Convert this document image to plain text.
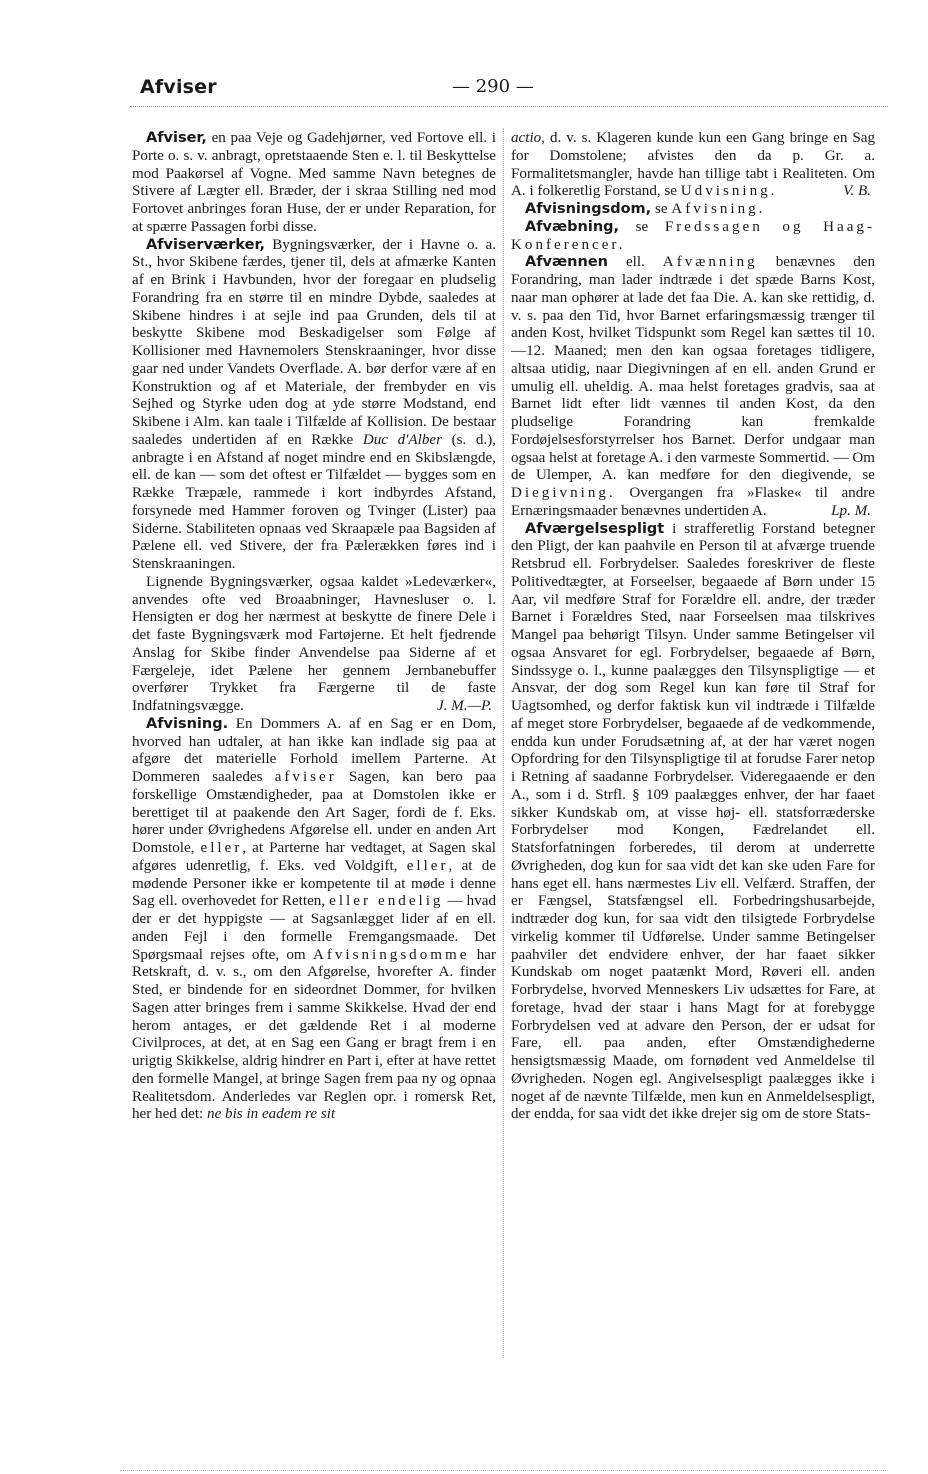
Afviser	— 290 —

Afviser, en paa Veje og Gadehjørner, ved Fortove ell. i Porte o. s. v. anbragt, opretstaaende Sten e. l. til Beskyttelse mod Paakørsel af Vogne. Med samme Navn betegnes de Stivere af Lægter ell. Bræder, der i skraa Stilling ned mod Fortovet anbringes foran Huse, der er under Reparation, for at spærre Passagen forbi disse.

Afviserværker, Bygningsværker, der i Havne o. a. St., hvor Skibene færdes, tjener til, dels at afmærke Kanten af en Brink i Havbunden, hvor der foregaar en pludselig Forandring fra en større til en mindre Dybde, saaledes at Skibene hindres i at sejle ind paa Grunden, dels til at beskytte Skibene mod Beskadigelser som Følge af Kollisioner med Havnemolers Stenskraaninger, hvor disse gaar ned under Vandets Overflade. A. bør derfor være af en Konstruktion og af et Materiale, der frembyder en vis Sejhed og Styrke uden dog at yde større Modstand, end Skibene i Alm. kan taale i Tilfælde af Kollision. De bestaar saaledes undertiden af en Række Duc d'Alber (s. d.), anbragte i en Afstand af noget mindre end en Skibslængde, ell. de kan — som det oftest er Tilfældet — bygges som en Række Træpæle, rammede i kort indbyrdes Afstand, forsynede med Hammer foroven og Tvinger (Lister) paa Siderne. Stabiliteten opnaas ved Skraapæle paa Bagsiden af Pælene ell. ved Stivere, der fra Pælerækken føres ind i Stenskraaningen.

Lignende Bygningsværker, ogsaa kaldet »Ledeværker«, anvendes ofte ved Broaabninger, Havnesluser o. l. Hensigten er dog her nærmest at beskytte de finere Dele i det faste Bygningsværk mod Fartøjerne. Et helt fjedrende Anslag for Skibe finder Anvendelse paa Siderne af et Færgeleje, idet Pælene her gennem Jernbanebuffer overfører Trykket fra Færgerne til de faste Indfatningsvægge.	J. M.—P.

Afvisning. En Dommers A. af en Sag er en Dom, hvorved han udtaler, at han ikke kan indlade sig paa at afgøre det materielle Forhold imellem Parterne. At Dommeren saaledes afviser Sagen, kan bero paa forskellige Omstændigheder, paa at Domstolen ikke er berettiget til at paakende den Art Sager, fordi de f. Eks. hører under Øvrighedens Afgørelse ell. under en anden Art Domstole, eller, at Parterne har vedtaget, at Sagen skal afgøres udenretlig, f. Eks. ved Voldgift, eller, at de mødende Personer ikke er kompetente til at møde i denne Sag ell. overhovedet for Retten, eller endelig — hvad der er det hyppigste — at Sagsanlægget lider af en ell. anden Fejl i den formelle Fremgangsmaade. Det Spørgsmaal rejses ofte, om Afvisningsdomme har Retskraft, d. v. s., om den Afgørelse, hvorefter A. finder Sted, er bindende for en sideordnet Dommer, for hvilken Sagen atter bringes frem i samme Skikkelse. Hvad der end herom antages, er det gældende Ret i al moderne Civilproces, at det, at en Sag een Gang er bragt frem i en urigtig Skikkelse, aldrig hindrer en Part i, efter at have rettet den formelle Mangel, at bringe Sagen frem paa ny og opnaa Realitetsdom. Anderledes var Reglen opr. i romersk Ret, her hed det: ne bis in eadem re sit

actio, d. v. s. Klageren kunde kun een Gang bringe en Sag for Domstolene; afvistes den da p. Gr. a. Formalitetsmangler, havde han tillige tabt i Realiteten. Om A. i folkeretlig Forstand, se Udvisning.	V. B.

Afvisningsdom, se Afvisning.

Afvæbning, se Fredssagen og Haag-Konferencer.

Afvænnen ell. Afvænning benævnes den Forandring, man lader indtræde i det spæde Barns Kost, naar man ophører at lade det faa Die. A. kan ske rettidig, d. v. s. paa den Tid, hvor Barnet erfaringsmæssig trænger til anden Kost, hvilket Tidspunkt som Regel kan sættes til 10.—12. Maaned; men den kan ogsaa foretages tidligere, altsaa utidig, naar Diegivningen af en ell. anden Grund er umulig ell. uheldig. A. maa helst foretages gradvis, saa at Barnet lidt efter lidt vænnes til anden Kost, da den pludselige Forandring kan fremkalde Fordøjelsesforstyrrelser hos Barnet. Derfor undgaar man ogsaa helst at foretage A. i den varmeste Sommertid. — Om de Ulemper, A. kan medføre for den diegivende, se Diegivning. Overgangen fra »Flaske« til andre Ernæringsmaader benævnes undertiden A.	Lp. M.

Afværgelsespligt i strafferetlig Forstand betegner den Pligt, der kan paahvile en Person til at afværge truende Retsbrud ell. Forbrydelser. Saaledes foreskriver de fleste Politivedtægter, at Forseelser, begaaede af Børn under 15 Aar, vil medføre Straf for Forældre ell. andre, der træder Barnet i Forældres Sted, naar Forseelsen maa tilskrives Mangel paa behørigt Tilsyn. Under samme Betingelser vil ogsaa Ansvaret for egl. Forbrydelser, begaaede af Børn, Sindssyge o. l., kunne paalægges den Tilsynspligtige — et Ansvar, der dog som Regel kun kan føre til Straf for Uagtsomhed, og derfor faktisk kun vil indtræde i Tilfælde af meget store Forbrydelser, begaaede af de vedkommende, endda kun under Forudsætning af, at der har været nogen Opfordring for den Tilsynspligtige til at forudse Farer netop i Retning af saadanne Forbrydelser. Videregaaende er den A., som i d. Strfl. § 109 paalægges enhver, der har faaet sikker Kundskab om, at visse høj- ell. statsforræderske Forbrydelser mod Kongen, Fædrelandet ell. Statsforfatningen forberedes, til derom at underrette Øvrigheden, dog kun for saa vidt det kan ske uden Fare for hans eget ell. hans nærmestes Liv ell. Velfærd. Straffen, der er Fængsel, Statsfængsel ell. Forbedringshusarbejde, indtræder dog kun, for saa vidt den tilsigtede Forbrydelse virkelig kommer til Udførelse. Under samme Betingelser paahviler det endvidere enhver, der har faaet sikker Kundskab om noget paatænkt Mord, Røveri ell. anden Forbrydelse, hvorved Menneskers Liv udsættes for Fare, at foretage, hvad der staar i hans Magt for at forebygge Forbrydelsen ved at advare den Person, der er udsat for Fare, ell. paa anden, efter Omstændighederne hensigtsmæssig Maade, om fornødent ved Anmeldelse til Øvrigheden. Nogen egl. Angivelsespligt paalægges ikke i noget af de nævnte Tilfælde, men kun en Anmeldelsespligt, der endda, for saa vidt det ikke drejer sig om de store Stats-
